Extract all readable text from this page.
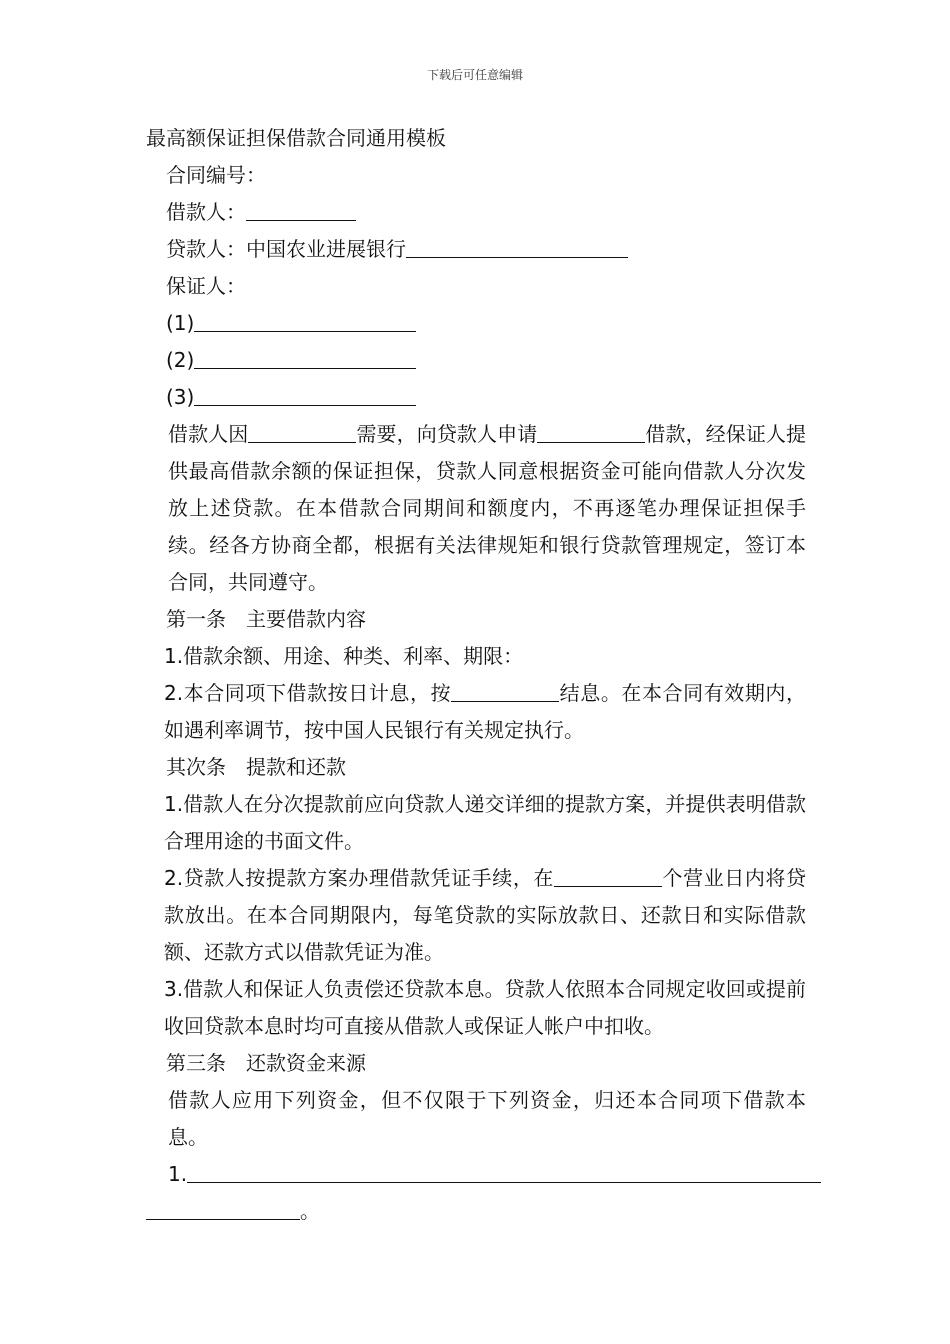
下载后可任意编辑
最高额保证担保借款合同通用模板
合同编号：
借款人：
贷款人：中国农业进展银行
保证人：
(1)
(2)
(3)
借款人因	需要，向贷款人申请	借款，经保证人提供最高借款余额的保证担保，贷款人同意根据资金可能向借款人分次发放上述贷款。在本借款合同期间和额度内，不再逐笔办理保证担保手续。经各方协商全都，根据有关法律规矩和银行贷款管理规定，签订本合同，共同遵守。
第一条 主要借款内容
1.借款余额、用途、种类、利率、期限：
2.本合同项下借款按日计息，按	结息。在本合同有效期内，如遇利率调节，按中国人民银行有关规定执行。
其次条 提款和还款
1.借款人在分次提款前应向贷款人递交详细的提款方案，并提供表明借款合理用途的书面文件。
2.贷款人按提款方案办理借款凭证手续，在	个营业日内将贷款放出。在本合同期限内，每笔贷款的实际放款日、还款日和实际借款额、还款方式以借款凭证为准。
3.借款人和保证人负责偿还贷款本息。贷款人依照本合同规定收回或提前收回贷款本息时均可直接从借款人或保证人帐户中扣收。
第三条 还款资金来源
借款人应用下列资金，但不仅限于下列资金，归还本合同项下借款本息。
1.
。
